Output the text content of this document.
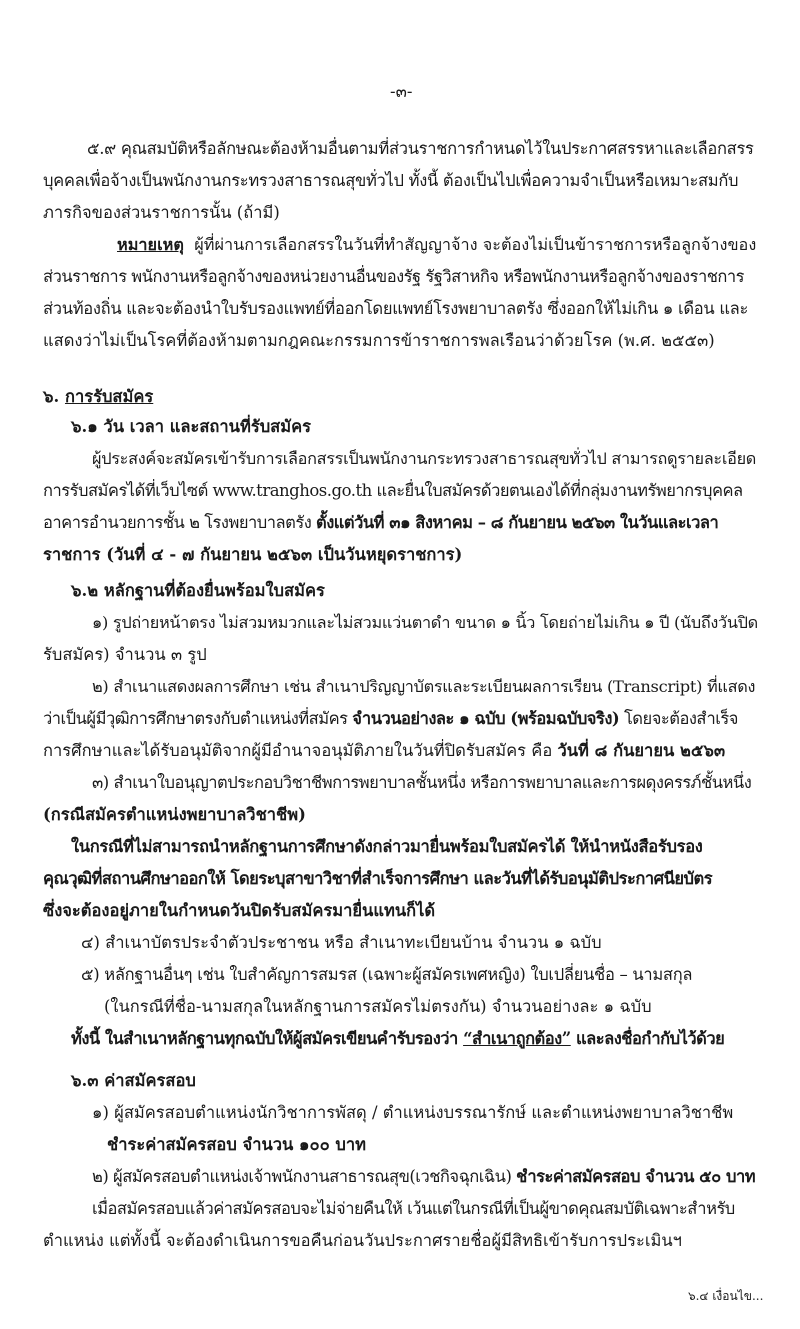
-๓-
๕.๙ คุณสมบัติหรือลักษณะต้องห้ามอื่นตามที่ส่วนราชการกำหนดไว้ในประกาศสรรหาและเลือกสรร
บุคคลเพื่อจ้างเป็นพนักงานกระทรวงสาธารณสุขทั่วไป ทั้งนี้ ต้องเป็นไปเพื่อความจำเป็นหรือเหมาะสมกับ
ภารกิจของส่วนราชการนั้น (ถ้ามี)
หมายเหตุ ผู้ที่ผ่านการเลือกสรรในวันที่ทำสัญญาจ้าง จะต้องไม่เป็นข้าราชการหรือลูกจ้างของ
ส่วนราชการ พนักงานหรือลูกจ้างของหน่วยงานอื่นของรัฐ รัฐวิสาหกิจ หรือพนักงานหรือลูกจ้างของราชการ
ส่วนท้องถิ่น และจะต้องนำใบรับรองแพทย์ที่ออกโดยแพทย์โรงพยาบาลตรัง ซึ่งออกให้ไม่เกิน ๑ เดือน และ
แสดงว่าไม่เป็นโรคที่ต้องห้ามตามกฎคณะกรรมการข้าราชการพลเรือนว่าด้วยโรค (พ.ศ. ๒๕๕๓)
๖. การรับสมัคร
๖.๑ วัน เวลา และสถานที่รับสมัคร
ผู้ประสงค์จะสมัครเข้ารับการเลือกสรรเป็นพนักงานกระทรวงสาธารณสุขทั่วไป สามารถดูรายละเอียด
การรับสมัครได้ที่เว็บไซต์ www.tranghos.go.th และยื่นใบสมัครด้วยตนเองได้ที่กลุ่มงานทรัพยากรบุคคล
อาคารอำนวยการชั้น ๒ โรงพยาบาลตรัง ตั้งแต่วันที่ ๓๑ สิงหาคม – ๘ กันยายน ๒๕๖๓ ในวันและเวลา
ราชการ (วันที่ ๔ - ๗ กันยายน ๒๕๖๓ เป็นวันหยุดราชการ)
๖.๒ หลักฐานที่ต้องยื่นพร้อมใบสมัคร
๑) รูปถ่ายหน้าตรง ไม่สวมหมวกและไม่สวมแว่นตาดำ ขนาด ๑ นิ้ว โดยถ่ายไม่เกิน ๑ ปี (นับถึงวันปิด
รับสมัคร) จำนวน ๓ รูป
๒) สำเนาแสดงผลการศึกษา เช่น สำเนาปริญญาบัตรและระเบียนผลการเรียน (Transcript) ที่แสดง
ว่าเป็นผู้มีวุฒิการศึกษาตรงกับตำแหน่งที่สมัคร จำนวนอย่างละ ๑ ฉบับ (พร้อมฉบับจริง) โดยจะต้องสำเร็จ
การศึกษาและได้รับอนุมัติจากผู้มีอำนาจอนุมัติภายในวันที่ปิดรับสมัคร คือ วันที่ ๘ กันยายน ๒๕๖๓
๓) สำเนาใบอนุญาตประกอบวิชาชีพการพยาบาลชั้นหนึ่ง หรือการพยาบาลและการผดุงครรภ์ชั้นหนึ่ง
(กรณีสมัครตำแหน่งพยาบาลวิชาชีพ)
ในกรณีที่ไม่สามารถนำหลักฐานการศึกษาดังกล่าวมายื่นพร้อมใบสมัครได้ ให้นำหนังสือรับรอง
คุณวุฒิที่สถานศึกษาออกให้ โดยระบุสาขาวิชาที่สำเร็จการศึกษา และวันที่ได้รับอนุมัติประกาศนียบัตร
ซึ่งจะต้องอยู่ภายในกำหนดวันปิดรับสมัครมายื่นแทนก็ได้
๔) สำเนาบัตรประจำตัวประชาชน หรือ สำเนาทะเบียนบ้าน จำนวน ๑ ฉบับ
๕) หลักฐานอื่นๆ เช่น ใบสำคัญการสมรส (เฉพาะผู้สมัครเพศหญิง) ใบเปลี่ยนชื่อ – นามสกุล
(ในกรณีที่ชื่อ-นามสกุลในหลักฐานการสมัครไม่ตรงกัน) จำนวนอย่างละ ๑ ฉบับ
ทั้งนี้ ในสำเนาหลักฐานทุกฉบับให้ผู้สมัครเขียนคำรับรองว่า “สำเนาถูกต้อง” และลงชื่อกำกับไว้ด้วย
๖.๓ ค่าสมัครสอบ
๑) ผู้สมัครสอบตำแหน่งนักวิชาการพัสดุ / ตำแหน่งบรรณารักษ์ และตำแหน่งพยาบาลวิชาชีพ
ชำระค่าสมัครสอบ จำนวน ๑๐๐ บาท
๒) ผู้สมัครสอบตำแหน่งเจ้าพนักงานสาธารณสุข(เวชกิจฉุกเฉิน) ชำระค่าสมัครสอบ จำนวน ๕๐ บาท
เมื่อสมัครสอบแล้วค่าสมัครสอบจะไม่จ่ายคืนให้ เว้นแต่ในกรณีที่เป็นผู้ขาดคุณสมบัติเฉพาะสำหรับ
ตำแหน่ง แต่ทั้งนี้ จะต้องดำเนินการขอคืนก่อนวันประกาศรายชื่อผู้มีสิทธิเข้ารับการประเมินฯ
๖.๔ เงื่อนไข...
